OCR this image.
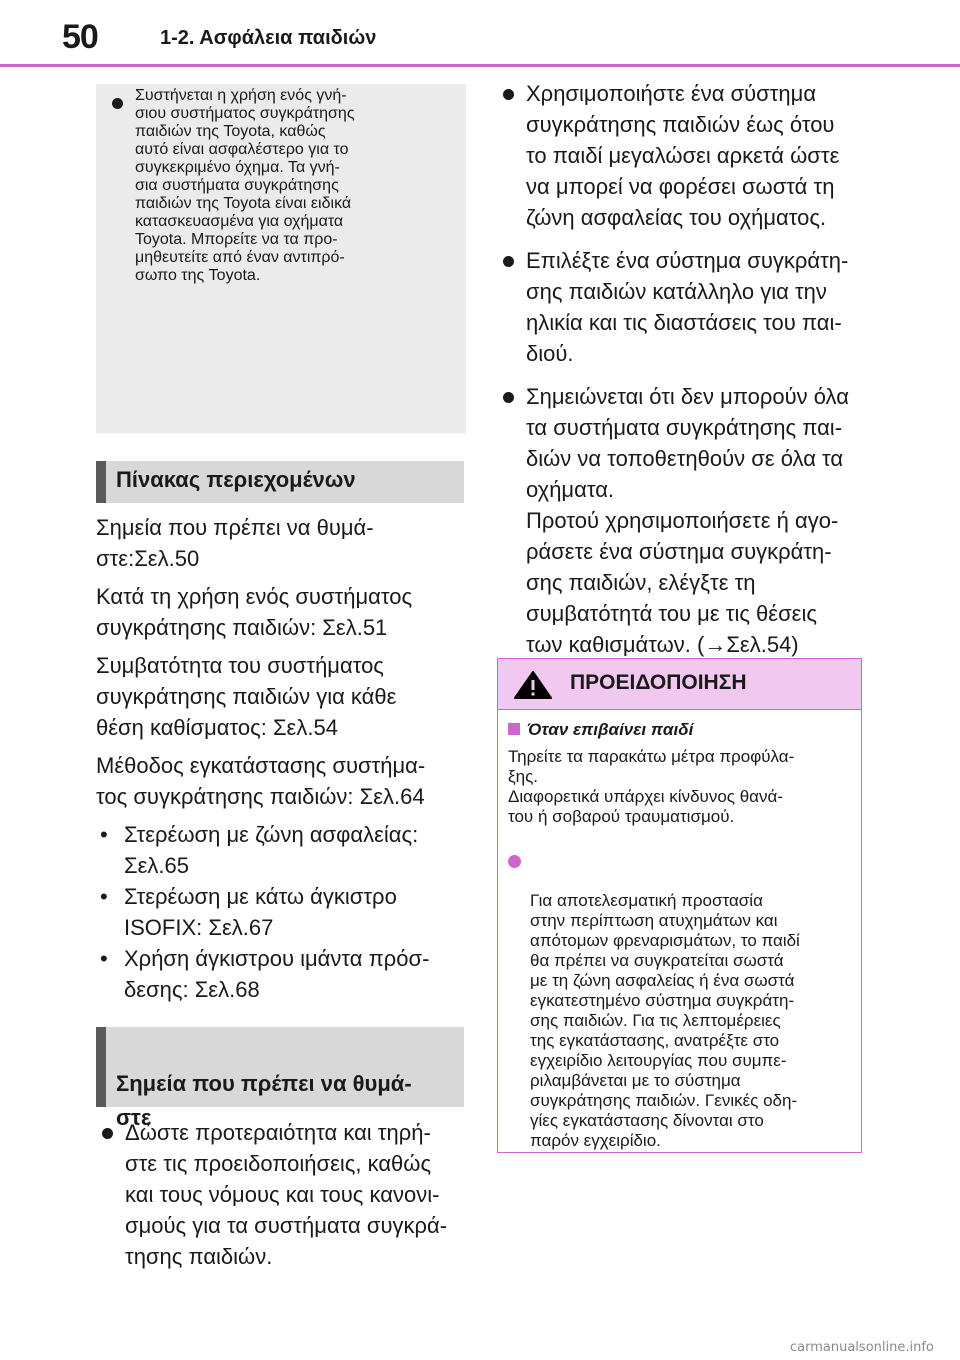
50	1-2. Ασφάλεια παιδιών

Συστήνεται η χρήση ενός γνή-
σιου συστήματος συγκράτησης
παιδιών της Toyota, καθώς
αυτό είναι ασφαλέστερο για το
συγκεκριμένο όχημα. Τα γνή-
σια συστήματα συγκράτησης
παιδιών της Toyota είναι ειδικά
κατασκευασμένα για οχήματα
Toyota. Μπορείτε να τα προ-
μηθευτείτε από έναν αντιπρό-
σωπο της Toyota.

Πίνακας περιεχομένων

Σημεία που πρέπει να θυμά-
στε:Σελ.50

Κατά τη χρήση ενός συστήματος
συγκράτησης παιδιών: Σελ.51

Συμβατότητα του συστήματος
συγκράτησης παιδιών για κάθε
θέση καθίσματος: Σελ.54

Μέθοδος εγκατάστασης συστήμα-
τος συγκράτησης παιδιών: Σελ.64

• Στερέωση με ζώνη ασφαλείας:
Σελ.65

• Στερέωση με κάτω άγκιστρο
ISOFIX: Σελ.67

• Χρήση άγκιστρου ιμάντα πρόσ-
δεσης: Σελ.68

Σημεία που πρέπει να θυμά-
στε

Δώστε προτεραιότητα και τηρή-
στε τις προειδοποιήσεις, καθώς
και τους νόμους και τους κανονι-
σμούς για τα συστήματα συγκρά-
τησης παιδιών.

Χρησιμοποιήστε ένα σύστημα
συγκράτησης παιδιών έως ότου
το παιδί μεγαλώσει αρκετά ώστε
να μπορεί να φορέσει σωστά τη
ζώνη ασφαλείας του οχήματος.

Επιλέξτε ένα σύστημα συγκράτη-
σης παιδιών κατάλληλο για την
ηλικία και τις διαστάσεις του παι-
διού.

Σημειώνεται ότι δεν μπορούν όλα
τα συστήματα συγκράτησης παι-
διών να τοποθετηθούν σε όλα τα
οχήματα.
Προτού χρησιμοποιήσετε ή αγο-
ράσετε ένα σύστημα συγκράτη-
σης παιδιών, ελέγξτε τη
συμβατότητά του με τις θέσεις
των καθισμάτων. (→Σελ.54)

ΠΡΟΕΙΔΟΠΟΙΗΣΗ
Όταν επιβαίνει παιδί

Τηρείτε τα παρακάτω μέτρα προφύλα-
ξης.
Διαφορετικά υπάρχει κίνδυνος θανά-
του ή σοβαρού τραυματισμού.

Για αποτελεσματική προστασία
στην περίπτωση ατυχημάτων και
απότομων φρεναρισμάτων, το παιδί
θα πρέπει να συγκρατείται σωστά
με τη ζώνη ασφαλείας ή ένα σωστά
εγκατεστημένο σύστημα συγκράτη-
σης παιδιών. Για τις λεπτομέρειες
της εγκατάστασης, ανατρέξτε στο
εγχειρίδιο λειτουργίας που συμπε-
ριλαμβάνεται με το σύστημα
συγκράτησης παιδιών. Γενικές οδη-
γίες εγκατάστασης δίνονται στο
παρόν εγχειρίδιο.

carmanualsonline.info
